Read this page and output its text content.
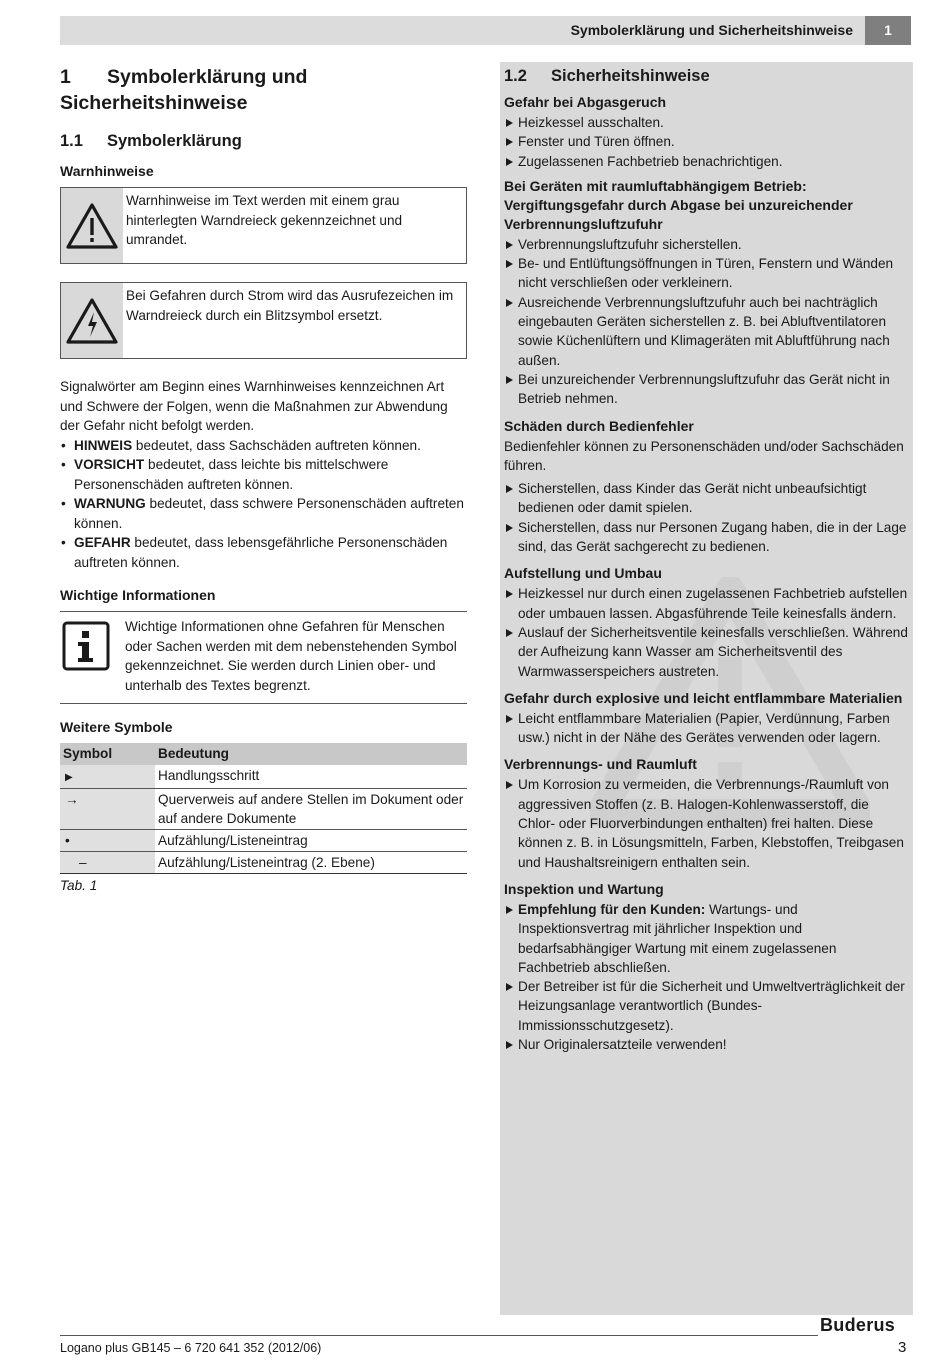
Symbolerklärung und Sicherheitshinweise	1
1 Symbolerklärung und Sicherheitshinweise
1.1 Symbolerklärung
Warnhinweise
Warnhinweise im Text werden mit einem grau hinterlegten Warndreieck gekennzeichnet und umrandet.
Bei Gefahren durch Strom wird das Ausrufezeichen im Warndreieck durch ein Blitzsymbol ersetzt.

Signalwörter am Beginn eines Warnhinweises kennzeichnen Art und Schwere der Folgen, wenn die Maßnahmen zur Abwendung der Gefahr nicht befolgt werden.

• HINWEIS bedeutet, dass Sachschäden auftreten können.
• VORSICHT bedeutet, dass leichte bis mittelschwere Personenschäden auftreten können.
• WARNUNG bedeutet, dass schwere Personenschäden auftreten können.
• GEFAHR bedeutet, dass lebensgefährliche Personenschäden auftreten können.
Wichtige Informationen
Wichtige Informationen ohne Gefahren für Menschen oder Sachen werden mit dem nebenstehenden Symbol gekennzeichnet. Sie werden durch Linien ober- und unterhalb des Textes begrenzt.
Weitere Symbole
Symbol	Bedeutung
▶	Handlungsschritt
→	Querverweis auf andere Stellen im Dokument oder auf andere Dokumente
•	Aufzählung/Listeneintrag
–	Aufzählung/Listeneintrag (2. Ebene)
Tab. 1
1.2 Sicherheitshinweise
Gefahr bei Abgasgeruch
Heizkessel ausschalten.
Fenster und Türen öffnen.
Zugelassenen Fachbetrieb benachrichtigen.
Bei Geräten mit raumluftabhängigem Betrieb:
Vergiftungsgefahr durch Abgase bei unzureichender Verbrennungsluftzufuhr
Verbrennungsluftzufuhr sicherstellen.
Be- und Entlüftungsöffnungen in Türen, Fenstern und Wänden nicht verschließen oder verkleinern.
Ausreichende Verbrennungsluftzufuhr auch bei nachträglich eingebauten Geräten sicherstellen z. B. bei Abluftventilatoren sowie Küchenlüftern und Klimageräten mit Abluftführung nach außen.
Bei unzureichender Verbrennungsluftzufuhr das Gerät nicht in Betrieb nehmen.
Schäden durch Bedienfehler

Bedienfehler können zu Personenschäden und/oder Sachschäden führen.

Sicherstellen, dass Kinder das Gerät nicht unbeaufsichtigt bedienen oder damit spielen.
Sicherstellen, dass nur Personen Zugang haben, die in der Lage sind, das Gerät sachgerecht zu bedienen.
Aufstellung und Umbau
Heizkessel nur durch einen zugelassenen Fachbetrieb aufstellen oder umbauen lassen. Abgasführende Teile keinesfalls ändern.
Auslauf der Sicherheitsventile keinesfalls verschließen. Während der Aufheizung kann Wasser am Sicherheitsventil des Warmwasserspeichers austreten.
Gefahr durch explosive und leicht entflammbare Materialien
Leicht entflammbare Materialien (Papier, Verdünnung, Farben usw.) nicht in der Nähe des Gerätes verwenden oder lagern.
Verbrennungs- und Raumluft
Um Korrosion zu vermeiden, die Verbrennungs-/Raumluft von aggressiven Stoffen (z. B. Halogen-Kohlenwasserstoff, die Chlor- oder Fluorverbindungen enthalten) frei halten. Diese können z. B. in Lösungsmitteln, Farben, Klebstoffen, Treibgasen und Haushaltsreinigern enthalten sein.
Inspektion und Wartung
Empfehlung für den Kunden: Wartungs- und Inspektionsvertrag mit jährlicher Inspektion und bedarfsabhängiger Wartung mit einem zugelassenen Fachbetrieb abschließen.
Der Betreiber ist für die Sicherheit und Umweltverträglichkeit der Heizungsanlage verantwortlich (Bundes-Immissionsschutzgesetz).
Nur Originalersatzteile verwenden!
Logano plus GB145 – 6 720 641 352 (2012/06)
Buderus
3
